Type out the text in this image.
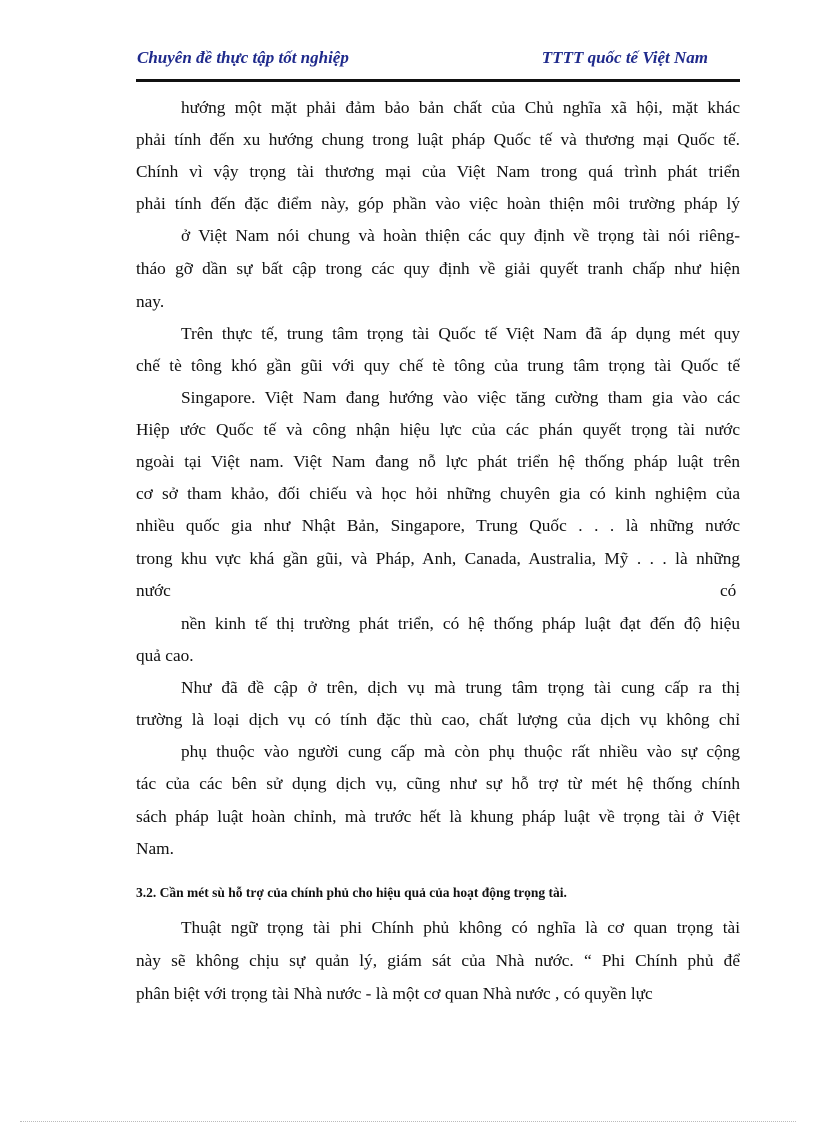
Chuyên đề thực tập tốt nghiệp	TTTT quốc tế Việt Nam
hướng một mặt phải đảm bảo bản chất của Chủ nghĩa xã hội, mặt khác
phải tính đến xu hướng chung trong luật pháp Quốc tế và thương mại Quốc tế.
Chính vì vậy trọng tài thương mại của Việt Nam trong quá trình phát triển
phải tính đến đặc điểm này, góp phần vào việc hoàn thiện môi trường pháp lý
ở Việt Nam nói chung và hoàn thiện các quy định về trọng tài nói riêng-
tháo gỡ dần sự bất cập trong các quy định về giải quyết tranh chấp như hiện
nay.
Trên thực tế, trung tâm trọng tài Quốc tế Việt Nam đã áp dụng mét quy
chế tè tông khó gần gũi với quy chế tè tông của trung tâm trọng tài Quốc tế
Singapore. Việt Nam đang hướng vào việc tăng cường tham gia vào các
Hiệp ước Quốc tế và công nhận hiệu lực của các phán quyết trọng tài nước
ngoài tại Việt nam. Việt Nam đang nỗ lực phát triển hệ thống pháp luật trên
cơ sở tham khảo, đối chiếu và học hỏi những chuyên gia có kinh nghiệm của
nhiều quốc gia như Nhật Bản, Singapore, Trung Quốc . . . là những nước
trong khu vực khá gần gũi, và Pháp, Anh, Canada, Australia, Mỹ . . . là những
nước	có
nền kinh tế thị trường phát triển, có hệ thống pháp luật đạt đến độ hiệu
quả cao.
Như đã đề cập ở trên, dịch vụ mà trung tâm trọng tài cung cấp ra thị
trường là loại dịch vụ có tính đặc thù cao, chất lượng của dịch vụ không chỉ
phụ thuộc vào người cung cấp mà còn phụ thuộc rất nhiều vào sự cộng
tác của các bên sử dụng dịch vụ, cũng như sự hỗ trợ từ mét hệ thống chính
sách pháp luật hoàn chỉnh, mà trước hết là khung pháp luật về trọng tài ở Việt
Nam.
Thuật ngữ trọng tài phi Chính phủ không có nghĩa là cơ quan trọng tài
này sẽ không chịu sự quản lý, giám sát của Nhà nước. “ Phi Chính phủ để
phân biệt với trọng tài Nhà nước - là một cơ quan Nhà nước , có quyền lực
3.2. Cần mét sù hỗ trợ của chính phủ cho hiệu quả của hoạt động trọng tài.
